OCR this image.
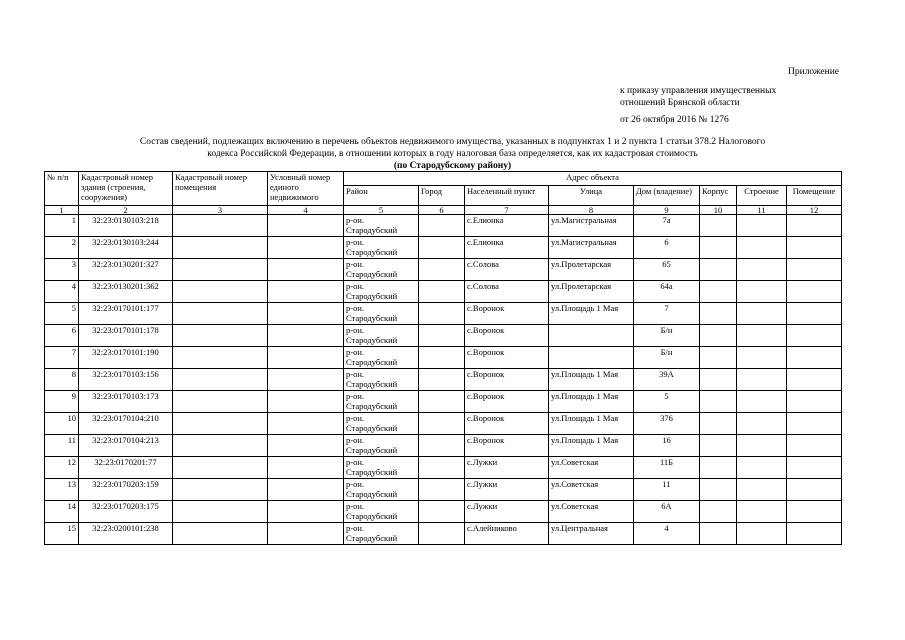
Приложение
к приказу управления имущественных
отношений Брянской области
от 26 октября 2016 № 1276
Состав сведений, подлежащих включению в перечень объектов недвижимого имущества, указанных в подпунктах 1 и 2 пункта 1 статьи 378.2 Налогового
кодекса Российской Федерации, в отношении которых в году налоговая база определяется, как их кадастровая стоимость
(по Стародубскому району)
№ п/п	Кадастровый номер здания (строения, сооружения)	Кадастровый номер помещения	Условный номер единого недвижимого	Адрес объекта							
				Район	Город	Населенный пункт	Улица	Дом (владение)	Корпус	Строение	Помещение
1	2	3	4	5	6	7	8	9	10	11	12
1	32:23:0130103:218			р-он. Стародубский		с.Елионка	ул.Магистральная	7а			
2	32:23:0130103:244			р-он. Стародубский		с.Елионка	ул.Магистральная	6			
3	32:23:0130201:327			р-он. Стародубский		с.Солова	ул.Пролетарская	65			
4	32:23:0130201:362			р-он. Стародубский		с.Солова	ул.Пролетарская	64а			
5	32:23:0170101:177			р-он. Стародубский		с.Воронок	ул.Площадь 1 Мая	7			
6	32:23:0170101:178			р-он. Стародубский		с.Воронок		Б/н			
7	32:23:0170101:190			р-он. Стародубский		с.Воронок		Б/н			
8	32:23:0170103:156			р-он. Стародубский		с.Воронок	ул.Площадь 1 Мая	39А			
9	32:23:0170103:173			р-он. Стародубский		с.Воронок	ул.Площадь 1 Мая	5			
10	32:23:0170104:210			р-он. Стародубский		с.Воронок	ул.Площадь 1 Мая	376			
11	32:23:0170104:213			р-он. Стародубский		с.Воронок	ул.Площадь 1 Мая	16			
12	32:23:0170201:77			р-он. Стародубский		с.Лужки	ул.Советская	11Б			
13	32:23:0170203:159			р-он. Стародубский		с.Лужки	ул.Советская	11			
14	32:23:0170203:175			р-он. Стародубский		с.Лужки	ул.Советская	6А			
15	32:23:0200101:238			р-он. Стародубский		с.Алейниково	ул.Центральная	4			
